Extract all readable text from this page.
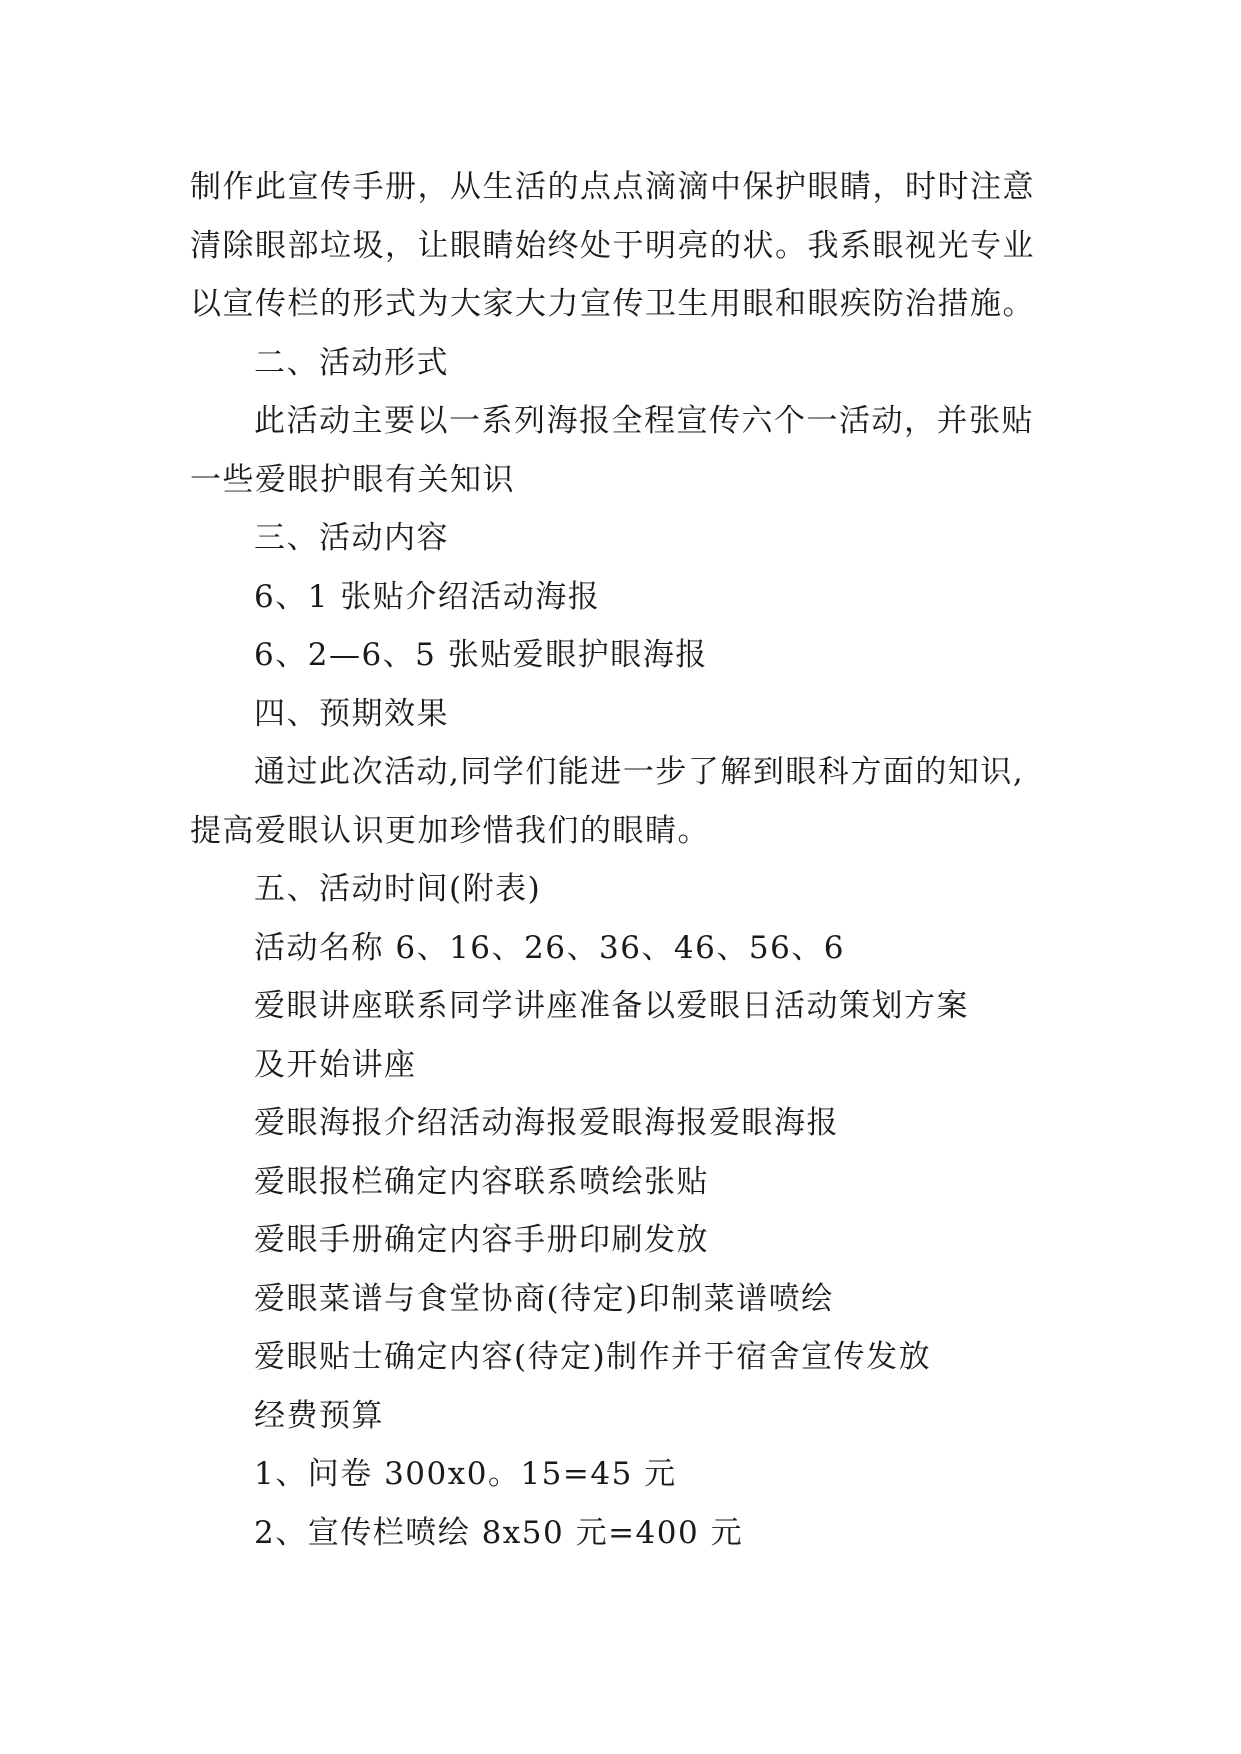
制作此宣传手册，从生活的点点滴滴中保护眼睛，时时注意
清除眼部垃圾，让眼睛始终处于明亮的状。我系眼视光专业
以宣传栏的形式为大家大力宣传卫生用眼和眼疾防治措施。
二、活动形式
此活动主要以一系列海报全程宣传六个一活动，并张贴
一些爱眼护眼有关知识
三、活动内容
6、1 张贴介绍活动海报
6、2—6、5 张贴爱眼护眼海报
四、预期效果
通过此次活动,同学们能进一步了解到眼科方面的知识,
提高爱眼认识更加珍惜我们的眼睛。
五、活动时间(附表)
活动名称 6、16、26、36、46、56、6
爱眼讲座联系同学讲座准备以爱眼日活动策划方案
及开始讲座
爱眼海报介绍活动海报爱眼海报爱眼海报
爱眼报栏确定内容联系喷绘张贴
爱眼手册确定内容手册印刷发放
爱眼菜谱与食堂协商(待定)印制菜谱喷绘
爱眼贴士确定内容(待定)制作并于宿舍宣传发放
经费预算
1、问卷 300x0。15=45 元
2、宣传栏喷绘 8x50 元=400 元
